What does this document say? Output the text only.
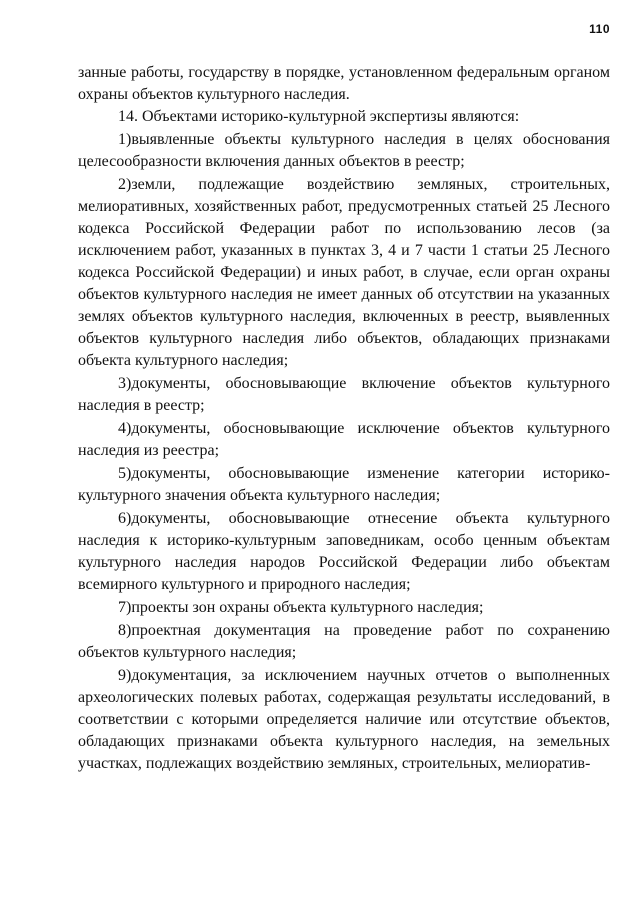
110

занные работы, государству в порядке, установленном федеральным органом охраны объектов культурного наследия.

14. Объектами историко-культурной экспертизы являются:

1)выявленные объекты культурного наследия в целях обоснования целесообразности включения данных объектов в реестр;

2)земли, подлежащие воздействию земляных, строительных, мелиоративных, хозяйственных работ, предусмотренных статьей 25 Лесного кодекса Российской Федерации работ по использованию лесов (за исключением работ, указанных в пунктах 3, 4 и 7 части 1 статьи 25 Лесного кодекса Российской Федерации) и иных работ, в случае, если орган охраны объектов культурного наследия не имеет данных об отсутствии на указанных землях объектов культурного наследия, включенных в реестр, выявленных объектов культурного наследия либо объектов, обладающих признаками объекта культурного наследия;

3)документы, обосновывающие включение объектов культурного наследия в реестр;

4)документы, обосновывающие исключение объектов культурного наследия из реестра;

5)документы, обосновывающие изменение категории историко-культурного значения объекта культурного наследия;

6)документы, обосновывающие отнесение объекта культурного наследия к историко-культурным заповедникам, особо ценным объектам культурного наследия народов Российской Федерации либо объектам всемирного культурного и природного наследия;

7)проекты зон охраны объекта культурного наследия;

8)проектная документация на проведение работ по сохранению объектов культурного наследия;

9)документация, за исключением научных отчетов о выполненных археологических полевых работах, содержащая результаты исследований, в соответствии с которыми определяется наличие или отсутствие объектов, обладающих признаками объекта культурного наследия, на земельных участках, подлежащих воздействию земляных, строительных, мелиоратив-
